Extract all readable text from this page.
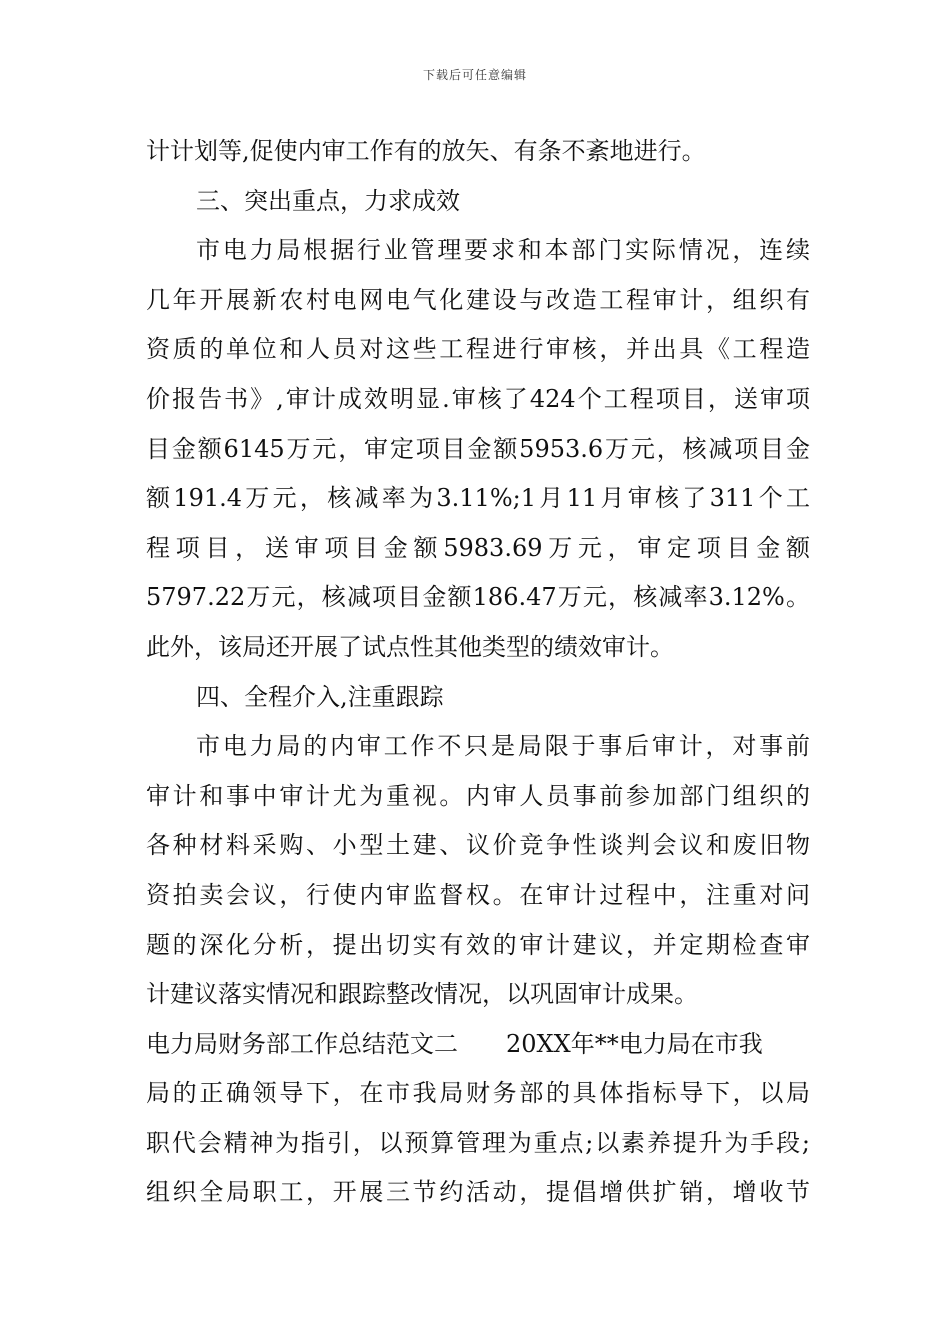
下载后可任意编辑
计计划等,促使内审工作有的放矢、有条不紊地进行。
三、突出重点，力求成效
市电力局根据行业管理要求和本部门实际情况，连续
几年开展新农村电网电气化建设与改造工程审计，组织有
资质的单位和人员对这些工程进行审核，并出具《工程造
价报告书》,审计成效明显.审核了424个工程项目，送审项
目金额6145万元，审定项目金额5953.6万元，核减项目金
额191.4万元，核减率为3.11%;1月11月审核了311个工
程项目，送审项目金额5983.69万元，审定项目金额
5797.22万元，核减项目金额186.47万元，核减率3.12%。
此外，该局还开展了试点性其他类型的绩效审计。
四、全程介入,注重跟踪
市电力局的内审工作不只是局限于事后审计，对事前
审计和事中审计尤为重视。内审人员事前参加部门组织的
各种材料采购、小型土建、议价竞争性谈判会议和废旧物
资拍卖会议，行使内审监督权。在审计过程中，注重对问
题的深化分析，提出切实有效的审计建议，并定期检查审
计建议落实情况和跟踪整改情况，以巩固审计成果。
电力局财务部工作总结范文二　　20XX年**电力局在市我
局的正确领导下，在市我局财务部的具体指标导下，以局
职代会精神为指引，以预算管理为重点;以素养提升为手段;
组织全局职工，开展三节约活动，提倡增供扩销，增收节
